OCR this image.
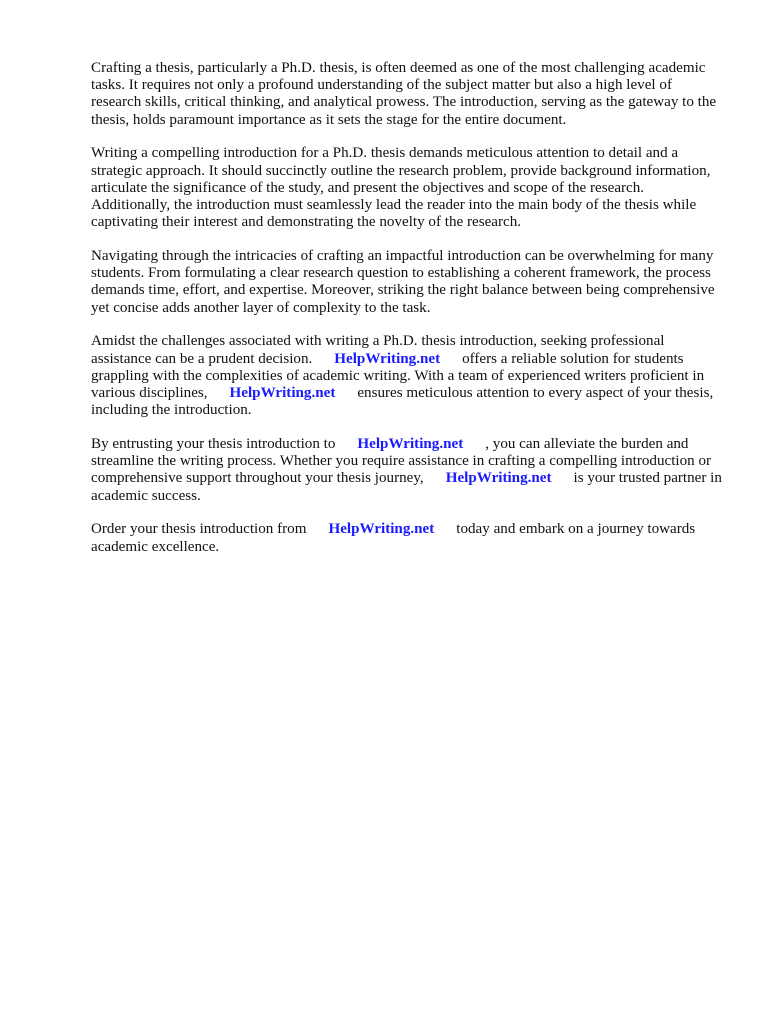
Crafting a thesis, particularly a Ph.D. thesis, is often deemed as one of the most challenging academic tasks. It requires not only a profound understanding of the subject matter but also a high level of research skills, critical thinking, and analytical prowess. The introduction, serving as the gateway to the thesis, holds paramount importance as it sets the stage for the entire document.

Writing a compelling introduction for a Ph.D. thesis demands meticulous attention to detail and a strategic approach. It should succinctly outline the research problem, provide background information, articulate the significance of the study, and present the objectives and scope of the research. Additionally, the introduction must seamlessly lead the reader into the main body of the thesis while captivating their interest and demonstrating the novelty of the research.

Navigating through the intricacies of crafting an impactful introduction can be overwhelming for many students. From formulating a clear research question to establishing a coherent framework, the process demands time, effort, and expertise. Moreover, striking the right balance between being comprehensive yet concise adds another layer of complexity to the task.

Amidst the challenges associated with writing a Ph.D. thesis introduction, seeking professional assistance can be a prudent decision. HelpWriting.net offers a reliable solution for students grappling with the complexities of academic writing. With a team of experienced writers proficient in various disciplines, HelpWriting.net ensures meticulous attention to every aspect of your thesis, including the introduction.

By entrusting your thesis introduction to HelpWriting.net , you can alleviate the burden and streamline the writing process. Whether you require assistance in crafting a compelling introduction or comprehensive support throughout your thesis journey, HelpWriting.net is your trusted partner in academic success.

Order your thesis introduction from HelpWriting.net today and embark on a journey towards academic excellence.
